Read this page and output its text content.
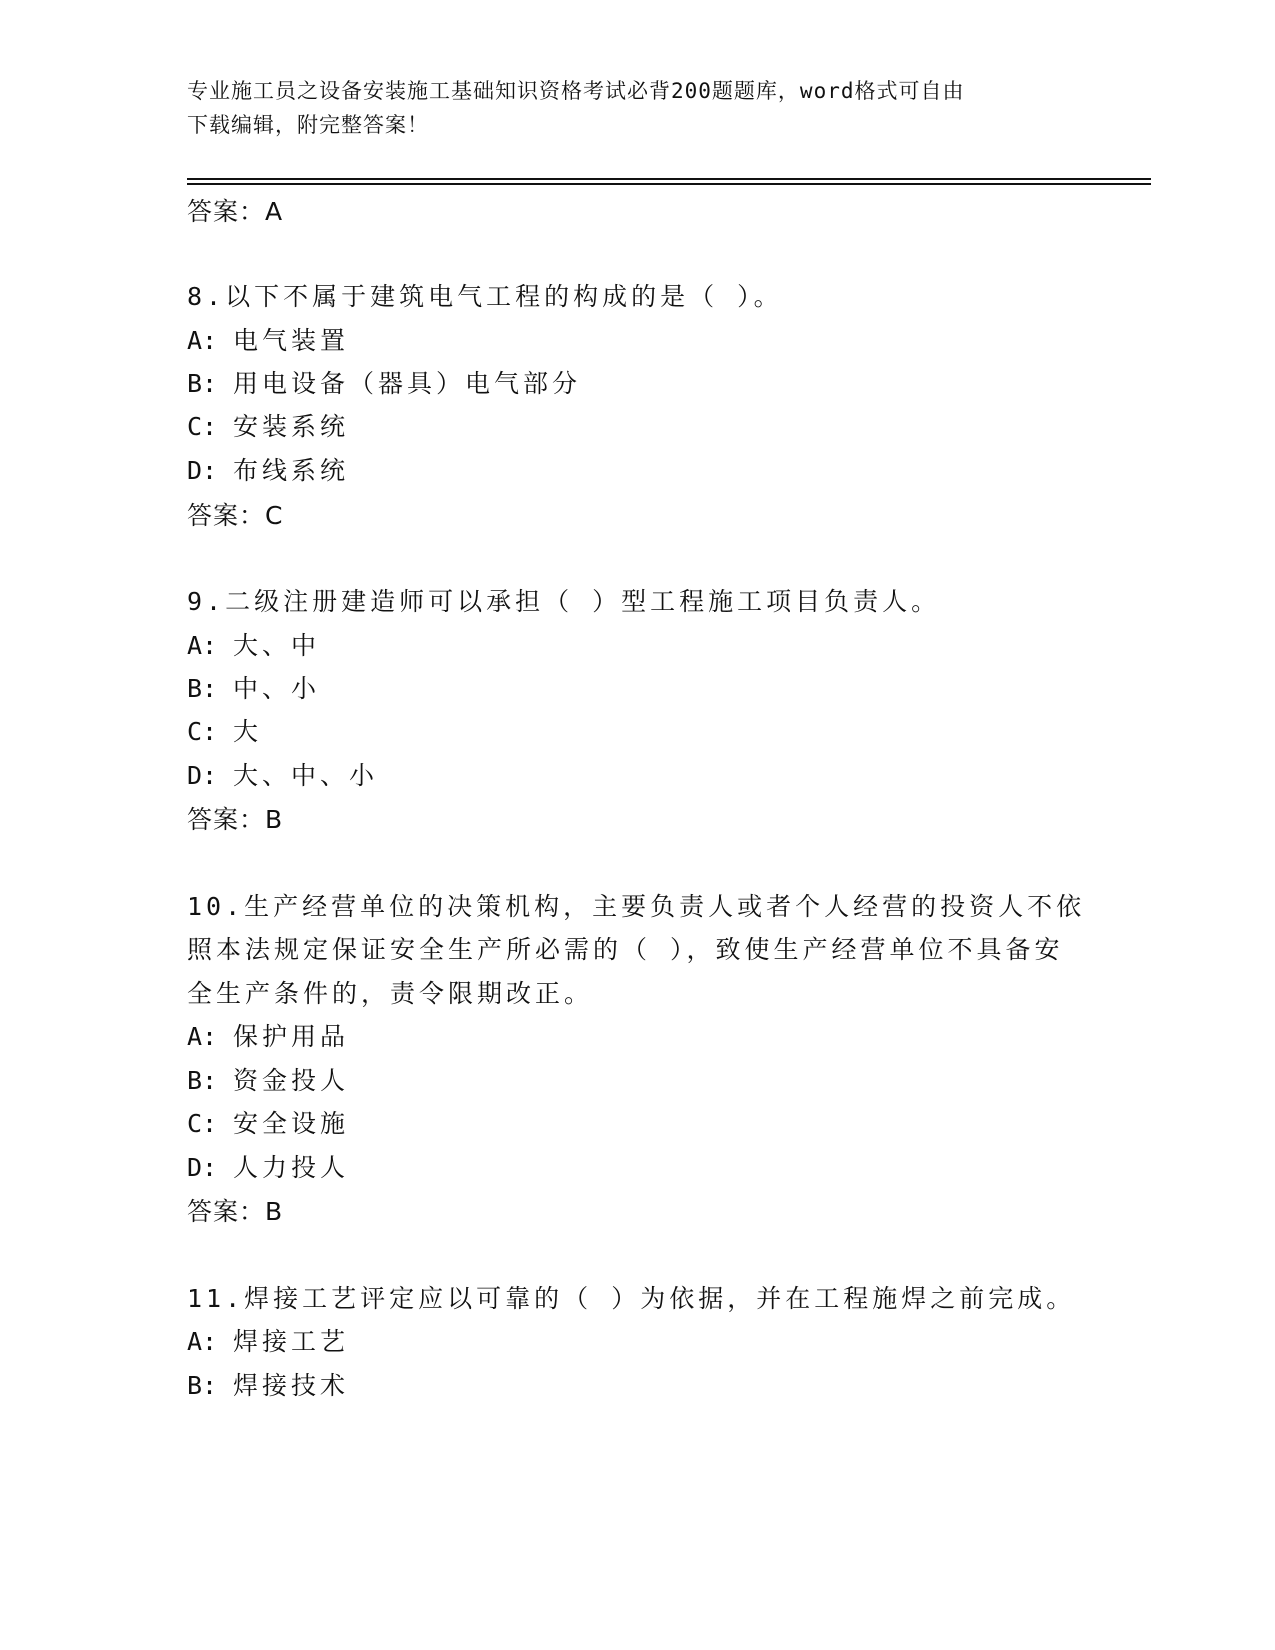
专业施工员之设备安装施工基础知识资格考试必背200题题库，word格式可自由
下载编辑，附完整答案！
答案：A
8.以下不属于建筑电气工程的构成的是（ ）。
A: 电气装置
B: 用电设备（器具）电气部分
C: 安装系统
D: 布线系统
答案：C
9.二级注册建造师可以承担（ ）型工程施工项目负责人。
A: 大、中
B: 中、小
C: 大
D: 大、中、小
答案：B
10.生产经营单位的决策机构，主要负责人或者个人经营的投资人不依
照本法规定保证安全生产所必需的（ ），致使生产经营单位不具备安
全生产条件的，责令限期改正。
A: 保护用品
B: 资金投人
C: 安全设施
D: 人力投人
答案：B
11.焊接工艺评定应以可靠的（ ）为依据，并在工程施焊之前完成。
A: 焊接工艺
B: 焊接技术
